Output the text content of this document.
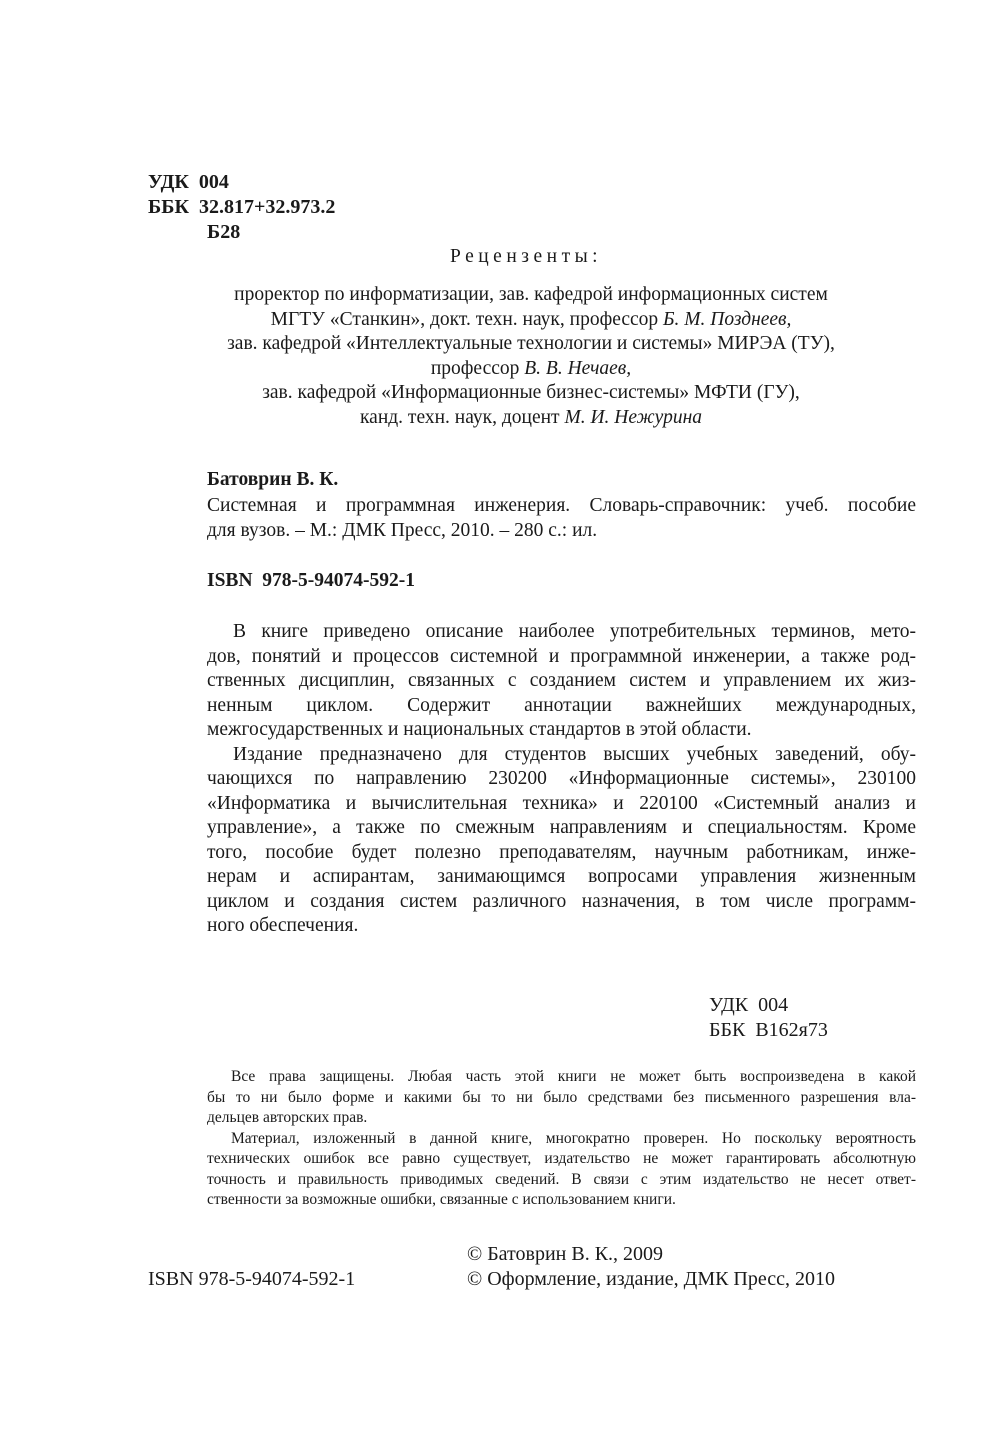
УДК 004
ББК 32.817+32.973.2
Б28
Рецензенты:
проректор по информатизации, зав. кафедрой информационных систем
МГТУ «Станкин», докт. техн. наук, профессор Б. М. Позднеев,
зав. кафедрой «Интеллектуальные технологии и системы» МИРЭА (ТУ),
профессор В. В. Нечаев,
зав. кафедрой «Информационные бизнес-системы» МФТИ (ГУ),
канд. техн. наук, доцент М. И. Нежурина
Батоврин В. К.
Системная и программная инженерия. Словарь-справочник: учеб. пособие
для вузов. – М.: ДМК Пресс, 2010. – 280 с.: ил.
ISBN  978-5-94074-592-1
В книге приведено описание наиболее употребительных терминов, мето-
дов, понятий и процессов системной и программной инженерии, а также род-
ственных дисциплин, связанных с созданием систем и управлением их жиз-
ненным циклом. Содержит аннотации важнейших международных,
межгосударственных и национальных стандартов в этой области.
Издание предназначено для студентов высших учебных заведений, обу-
чающихся по направлению 230200 «Информационные системы», 230100
«Информатика и вычислительная техника» и 220100 «Системный анализ и
управление», а также по смежным направлениям и специальностям. Кроме
того, пособие будет полезно преподавателям, научным работникам, инже-
нерам и аспирантам, занимающимся вопросами управления жизненным
циклом и создания систем различного назначения, в том числе программ-
ного обеспечения.
УДК 004
ББК В162я73
Все права защищены. Любая часть этой книги не может быть воспроизведена в какой
бы то ни было форме и какими бы то ни было средствами без письменного разрешения вла-
дельцев авторских прав.
Материал, изложенный в данной книге, многократно проверен. Но поскольку вероятность
технических ошибок все равно существует, издательство не может гарантировать абсолютную
точность и правильность приводимых сведений. В связи с этим издательство не несет ответ-
ственности за возможные ошибки, связанные с использованием книги.
© Батоврин В. К., 2009
ISBN 978-5-94074-592-1	© Оформление, издание, ДМК Пресс, 2010
